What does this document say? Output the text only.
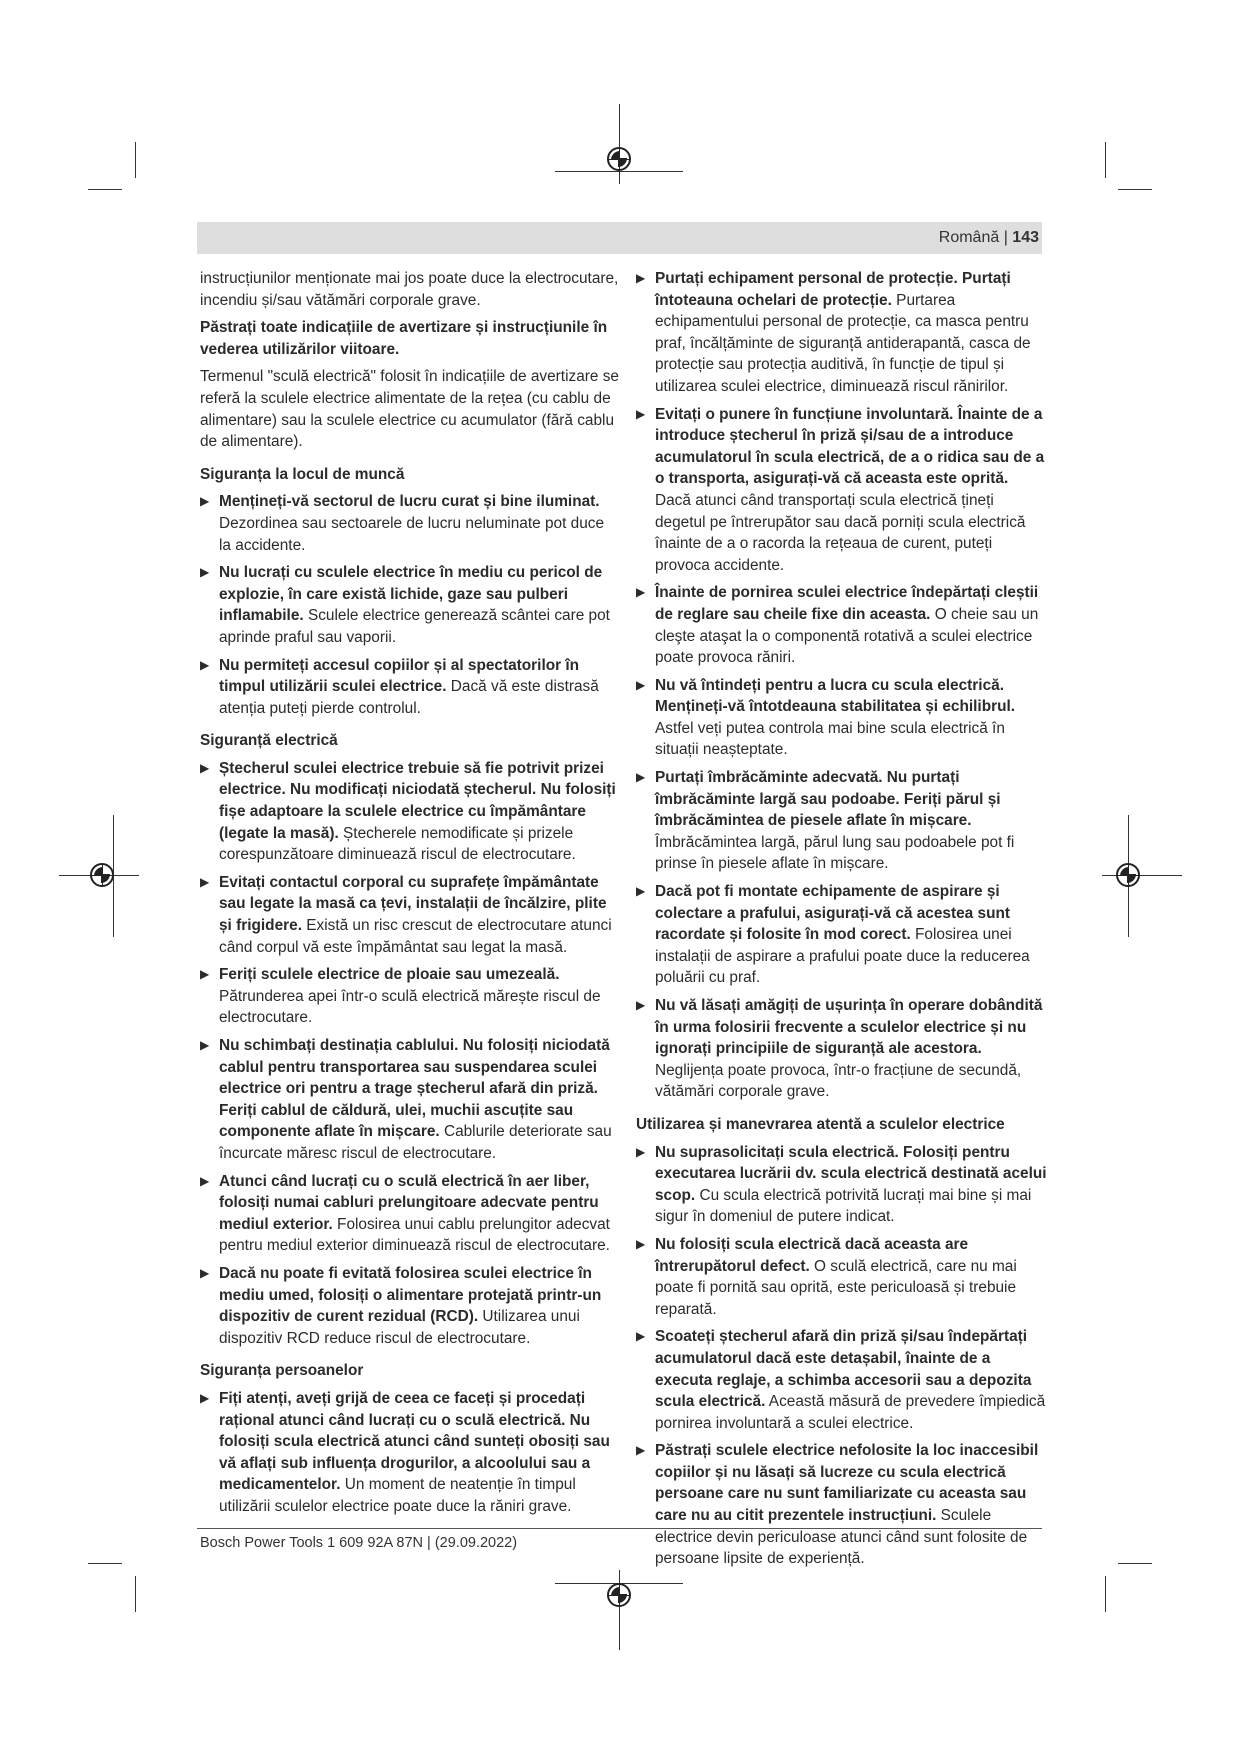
Română | 143

instrucțiunilor menționate mai jos poate duce la electrocutare, incendiu și/sau vătămări corporale grave.

Păstrați toate indicațiile de avertizare și instrucțiunile în vederea utilizărilor viitoare.

Termenul "sculă electrică" folosit în indicațiile de avertizare se referă la sculele electrice alimentate de la rețea (cu cablu de alimentare) sau la sculele electrice cu acumulator (fără cablu de alimentare).

Siguranța la locul de muncă

▶ Mențineți-vă sectorul de lucru curat și bine iluminat. Dezordinea sau sectoarele de lucru neluminate pot duce la accidente.
▶ Nu lucrați cu sculele electrice în mediu cu pericol de explozie, în care există lichide, gaze sau pulberi inflamabile. Sculele electrice generează scântei care pot aprinde praful sau vaporii.
▶ Nu permiteți accesul copiilor și al spectatorilor în timpul utilizării sculei electrice. Dacă vă este distrasă atenția puteți pierde controlul.

Siguranță electrică

▶ Ștecherul sculei electrice trebuie să fie potrivit prizei electrice. Nu modificați niciodată ștecherul. Nu folosiți fișe adaptoare la sculele electrice cu împământare (legate la masă). Ștecherele nemodificate și prizele corespunzătoare diminuează riscul de electrocutare.
▶ Evitați contactul corporal cu suprafețe împământate sau legate la masă ca țevi, instalații de încălzire, plite și frigidere. Există un risc crescut de electrocutare atunci când corpul vă este împământat sau legat la masă.
▶ Feriți sculele electrice de ploaie sau umezeală. Pătrunderea apei într-o sculă electrică mărește riscul de electrocutare.
▶ Nu schimbați destinația cablului. Nu folosiți niciodată cablul pentru transportarea sau suspendarea sculei electrice ori pentru a trage ștecherul afară din priză. Feriți cablul de căldură, ulei, muchii ascuțite sau componente aflate în mișcare. Cablurile deteriorate sau încurcate măresc riscul de electrocutare.
▶ Atunci când lucrați cu o sculă electrică în aer liber, folosiți numai cabluri prelungitoare adecvate pentru mediul exterior. Folosirea unui cablu prelungitor adecvat pentru mediul exterior diminuează riscul de electrocutare.
▶ Dacă nu poate fi evitată folosirea sculei electrice în mediu umed, folosiți o alimentare protejată printr-un dispozitiv de curent rezidual (RCD). Utilizarea unui dispozitiv RCD reduce riscul de electrocutare.

Siguranța persoanelor

▶ Fiți atenți, aveți grijă de ceea ce faceți și procedați rațional atunci când lucrați cu o sculă electrică. Nu folosiți scula electrică atunci când sunteți obosiți sau vă aflați sub influența drogurilor, a alcoolului sau a medicamentelor. Un moment de neatenție în timpul utilizării sculelor electrice poate duce la răniri grave.
▶ Purtați echipament personal de protecție. Purtați întoteauna ochelari de protecție. Purtarea echipamentului personal de protecție, ca masca pentru praf, încălțăminte de siguranță antiderapantă, casca de protecție sau protecția auditivă, în funcție de tipul și utilizarea sculei electrice, diminuează riscul rănirilor.
▶ Evitați o punere în funcțiune involuntară. Înainte de a introduce ștecherul în priză și/sau de a introduce acumulatorul în scula electrică, de a o ridica sau de a o transporta, asigurați-vă că aceasta este oprită. Dacă atunci când transportați scula electrică țineți degetul pe întrerupător sau dacă porniți scula electrică înainte de a o racorda la rețeaua de curent, puteți provoca accidente.
▶ Înainte de pornirea sculei electrice îndepărtați cleștii de reglare sau cheile fixe din aceasta. O cheie sau un cleşte ataşat la o componentă rotativă a sculei electrice poate provoca răniri.
▶ Nu vă întindeți pentru a lucra cu scula electrică. Mențineți-vă întotdeauna stabilitatea și echilibrul. Astfel veți putea controla mai bine scula electrică în situații neașteptate.
▶ Purtați îmbrăcăminte adecvată. Nu purtați îmbrăcăminte largă sau podoabe. Feriți părul și îmbrăcămintea de piesele aflate în mișcare. Îmbrăcămintea largă, părul lung sau podoabele pot fi prinse în piesele aflate în mișcare.
▶ Dacă pot fi montate echipamente de aspirare și colectare a prafului, asigurați-vă că acestea sunt racordate și folosite în mod corect. Folosirea unei instalații de aspirare a prafului poate duce la reducerea poluării cu praf.
▶ Nu vă lăsați amăgiți de ușurința în operare dobândită în urma folosirii frecvente a sculelor electrice și nu ignorați principiile de siguranță ale acestora. Neglijența poate provoca, într-o fracțiune de secundă, vătămări corporale grave.

Utilizarea și manevrarea atentă a sculelor electrice

▶ Nu suprasolicitați scula electrică. Folosiți pentru executarea lucrării dv. scula electrică destinată acelui scop. Cu scula electrică potrivită lucrați mai bine și mai sigur în domeniul de putere indicat.
▶ Nu folosiți scula electrică dacă aceasta are întrerupătorul defect. O sculă electrică, care nu mai poate fi pornită sau oprită, este periculoasă și trebuie reparată.
▶ Scoateți ștecherul afară din priză și/sau îndepărtați acumulatorul dacă este detașabil, înainte de a executa reglaje, a schimba accesorii sau a depozita scula electrică. Această măsură de prevedere împiedică pornirea involuntară a sculei electrice.
▶ Păstrați sculele electrice nefolosite la loc inaccesibil copiilor și nu lăsați să lucreze cu scula electrică persoane care nu sunt familiarizate cu aceasta sau care nu au citit prezentele instrucțiuni. Sculele electrice devin periculoase atunci când sunt folosite de persoane lipsite de experiență.
Bosch Power Tools 1 609 92A 87N | (29.09.2022)
